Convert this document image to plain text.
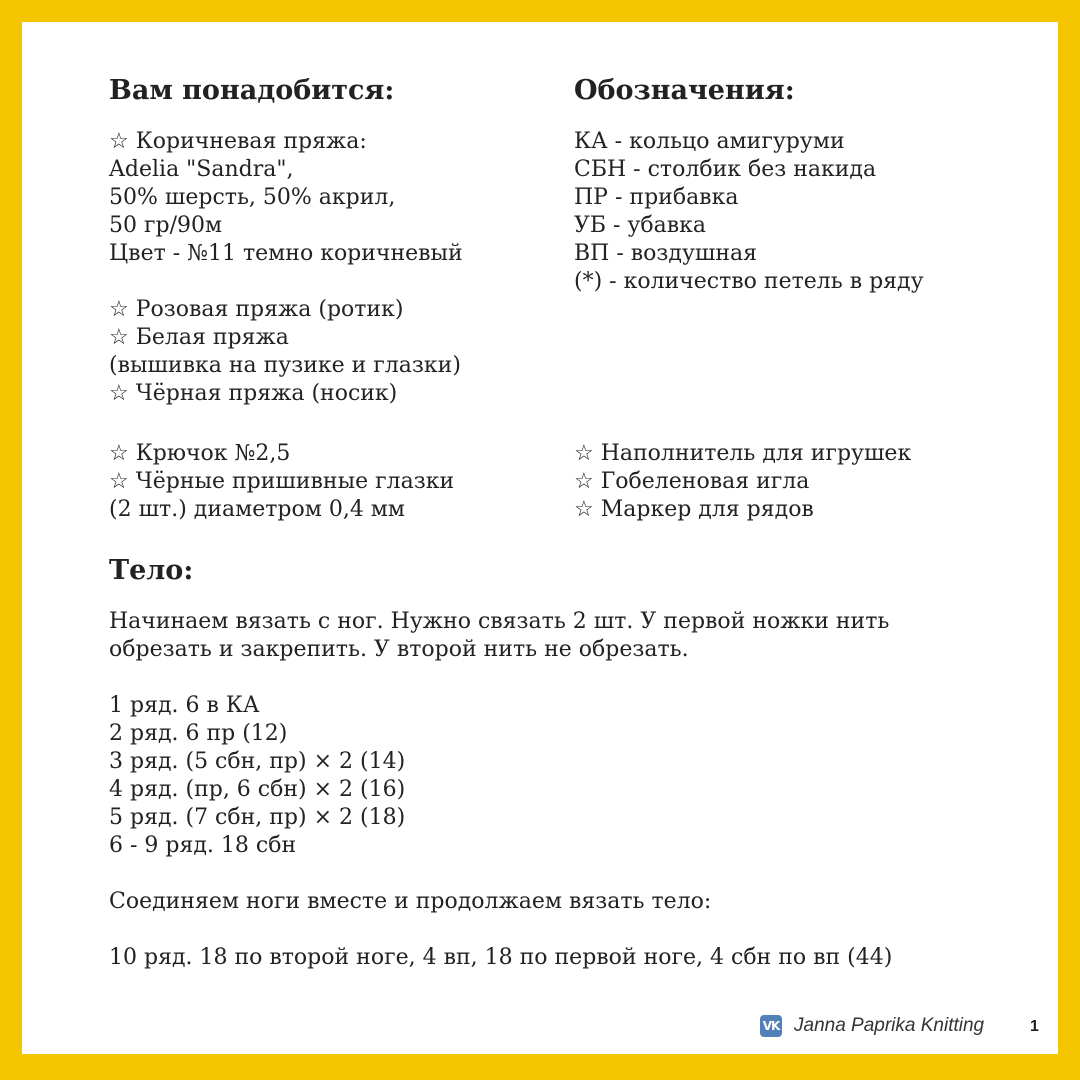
Вам понадобится:
☆ Коричневая пряжа:
Adelia "Sandra",
50% шерсть, 50% акрил,
50 гр/90м
Цвет - №11 темно коричневый
☆ Розовая пряжа (ротик)
☆ Белая пряжа
(вышивка на пузике и глазки)
☆ Чёрная пряжа (носик)
Обозначения:
КА - кольцо амигуруми
СБН - столбик без накида
ПР - прибавка
УБ - убавка
ВП - воздушная
(*) - количество петель в ряду
☆ Крючок №2,5
☆ Чёрные пришивные глазки
(2 шт.) диаметром 0,4 мм
☆ Наполнитель для игрушек
☆ Гобеленовая игла
☆ Маркер для рядов
Тело:
Начинаем вязать с ног. Нужно связать 2 шт. У первой ножки нить
обрезать и закрепить. У второй нить не обрезать.
1 ряд. 6 в КА
2 ряд. 6 пр (12)
3 ряд. (5 сбн, пр) × 2 (14)
4 ряд. (пр, 6 сбн) × 2 (16)
5 ряд. (7 сбн, пр) × 2 (18)
6 - 9 ряд. 18 сбн
Соединяем ноги вместе и продолжаем вязать тело:
10 ряд. 18 по второй ноге, 4 вп, 18 по первой ноге, 4 сбн по вп (44)
VK Janna Paprika Knitting	1
